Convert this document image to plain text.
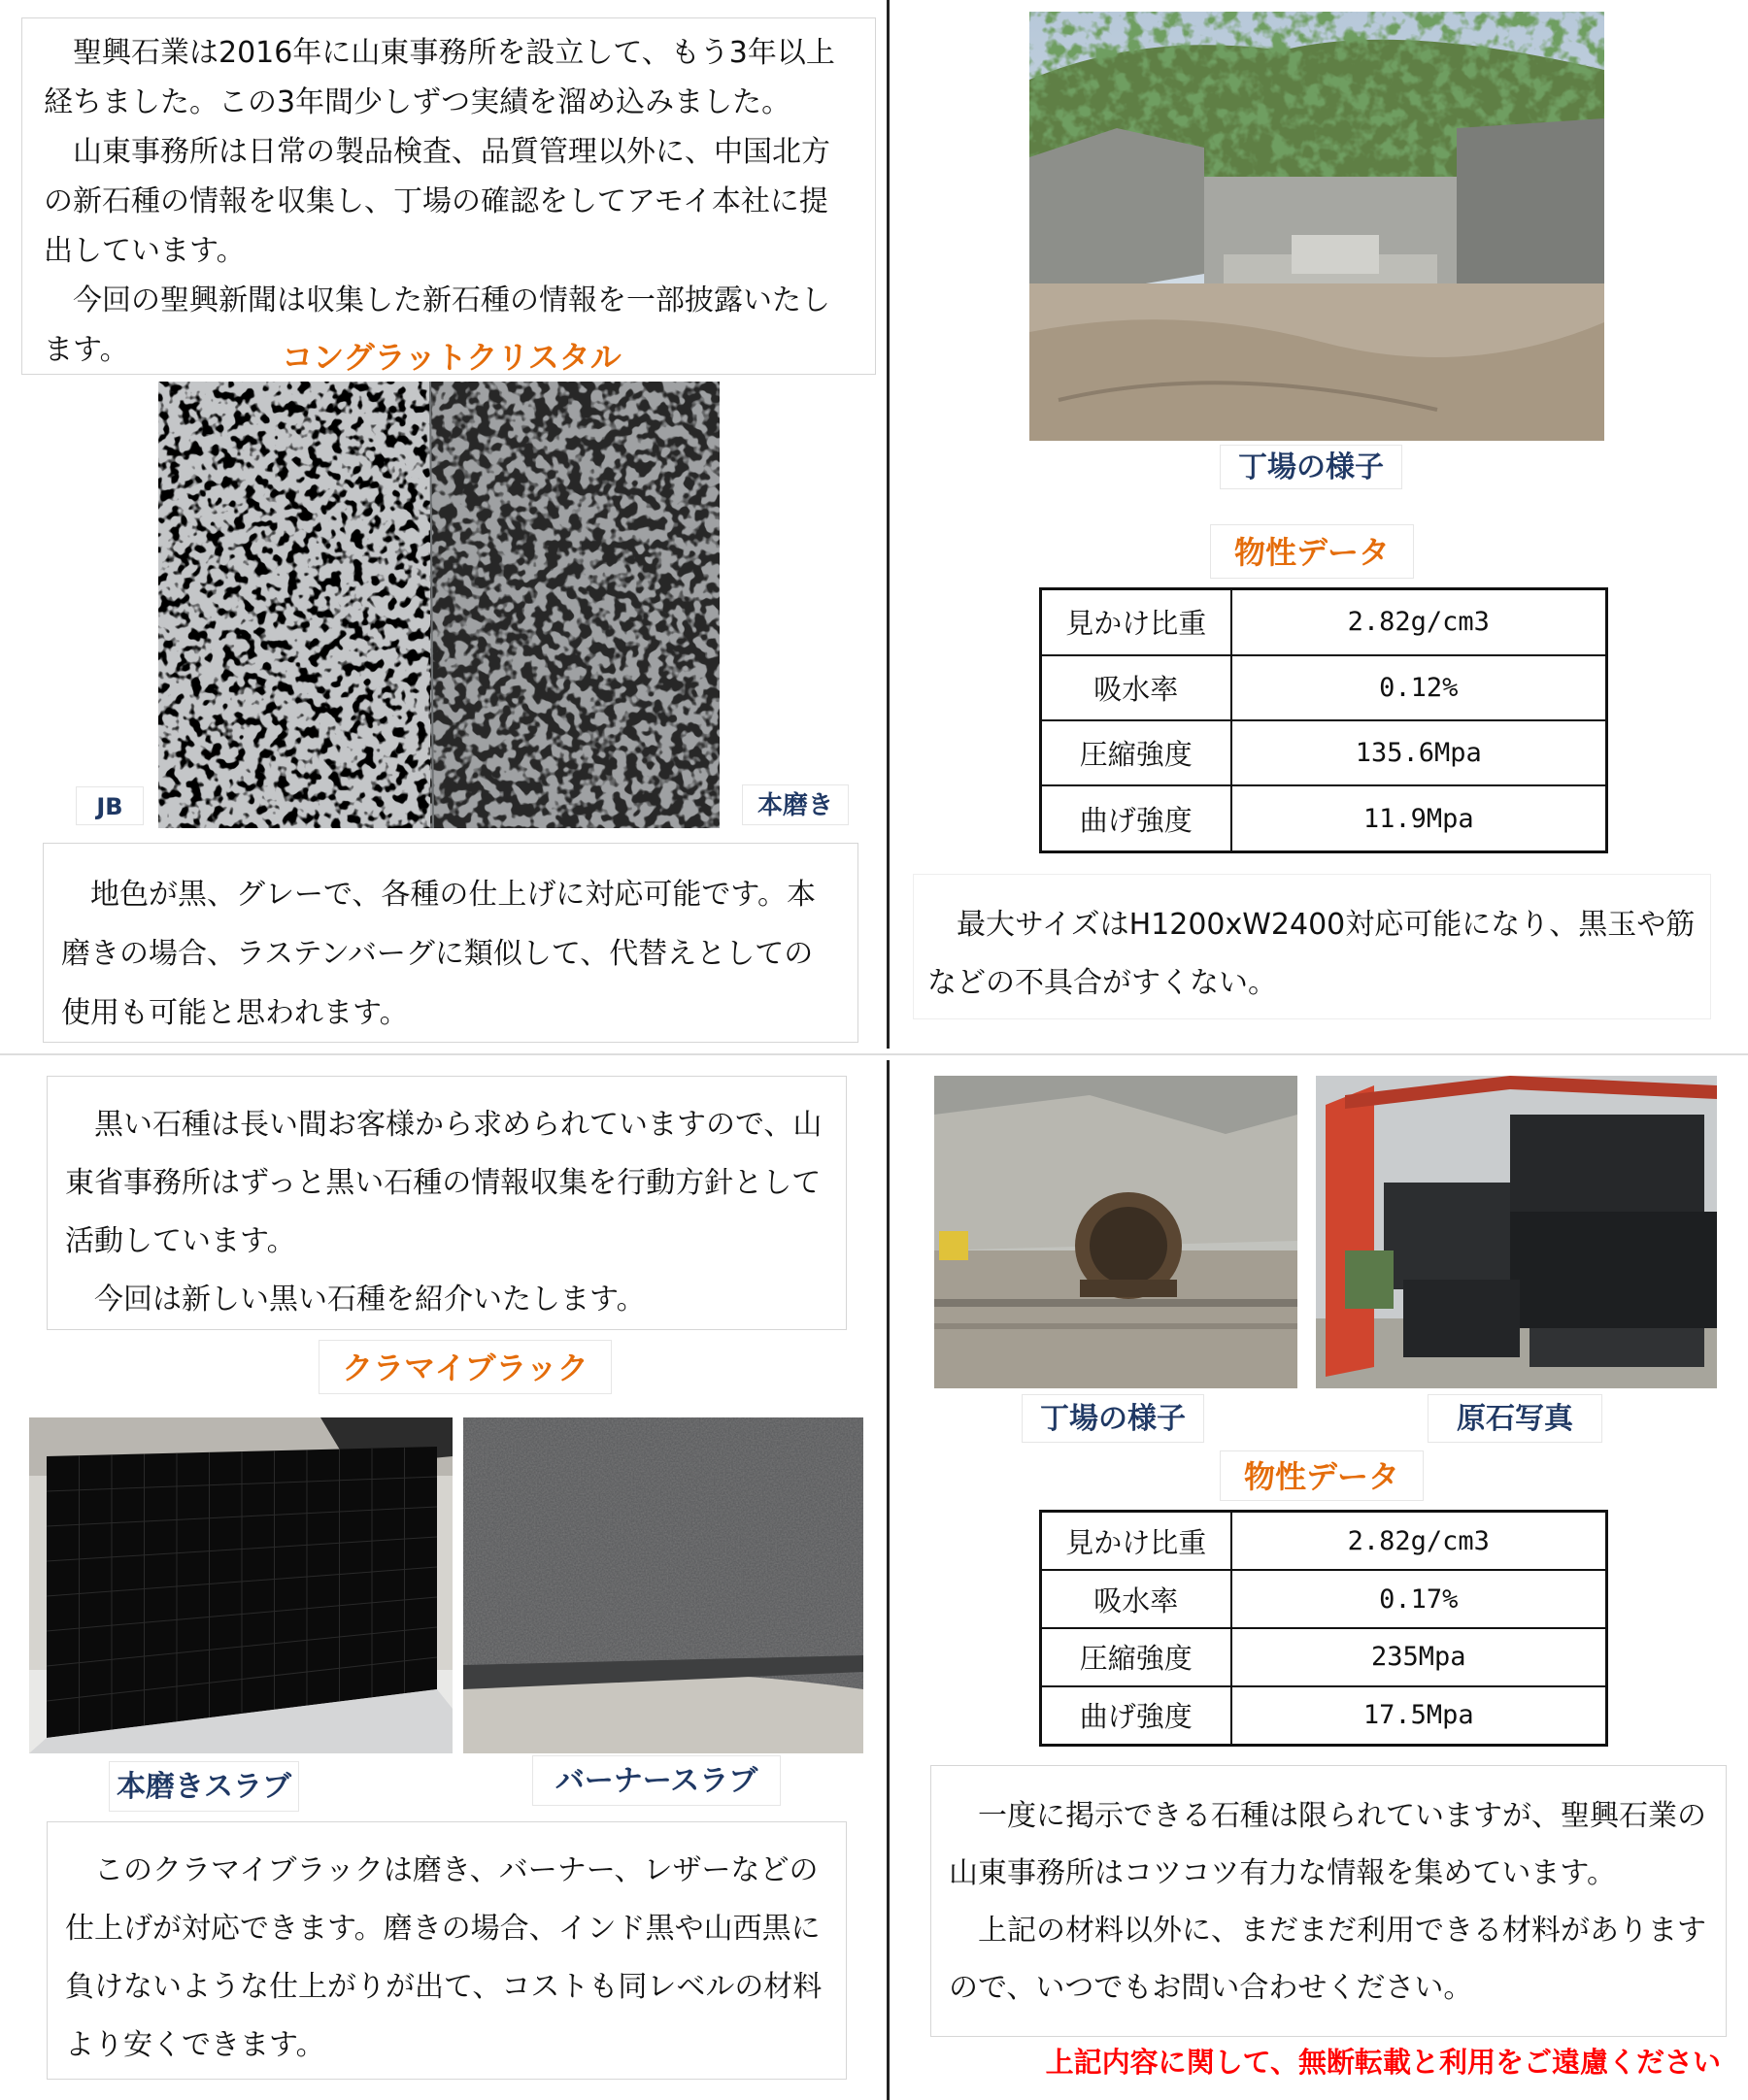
聖興石業は2016年に山東事務所を設立して、もう3年以上経ちました。この3年間少しずつ実績を溜め込みました。

山東事務所は日常の製品検査、品質管理以外に、中国北方の新石種の情報を収集し、丁場の確認をしてアモイ本社に提出しています。

今回の聖興新聞は収集した新石種の情報を一部披露いたします。	コングラットクリスタル
JB	本磨き

地色が黒、グレーで、各種の仕上げに対応可能です。本磨きの場合、ラステンバーグに類似して、代替えとしての使用も可能と思われます。

丁場の様子
物性データ
見かけ比重	2.82g/cm3
吸水率	0.12%
圧縮強度	135.6Mpa
曲げ強度	11.9Mpa

最大サイズはH1200xW2400対応可能になり、黒玉や筋などの不具合がすくない。

黒い石種は長い間お客様から求められていますので、山東省事務所はずっと黒い石種の情報収集を行動方針として活動しています。

今回は新しい黒い石種を紹介いたします。

クラマイブラック
本磨きスラブ	バーナースラブ

このクラマイブラックは磨き、バーナー、レザーなどの仕上げが対応できます。磨きの場合、インド黒や山西黒に負けないような仕上がりが出て、コストも同レベルの材料より安くできます。

丁場の様子	原石写真
物性データ
見かけ比重	2.82g/cm3
吸水率	0.17%
圧縮強度	235Mpa
曲げ強度	17.5Mpa

一度に掲示できる石種は限られていますが、聖興石業の山東事務所はコツコツ有力な情報を集めています。

上記の材料以外に、まだまだ利用できる材料がありますので、いつでもお問い合わせください。

上記内容に関して、無断転載と利用をご遠慮ください
